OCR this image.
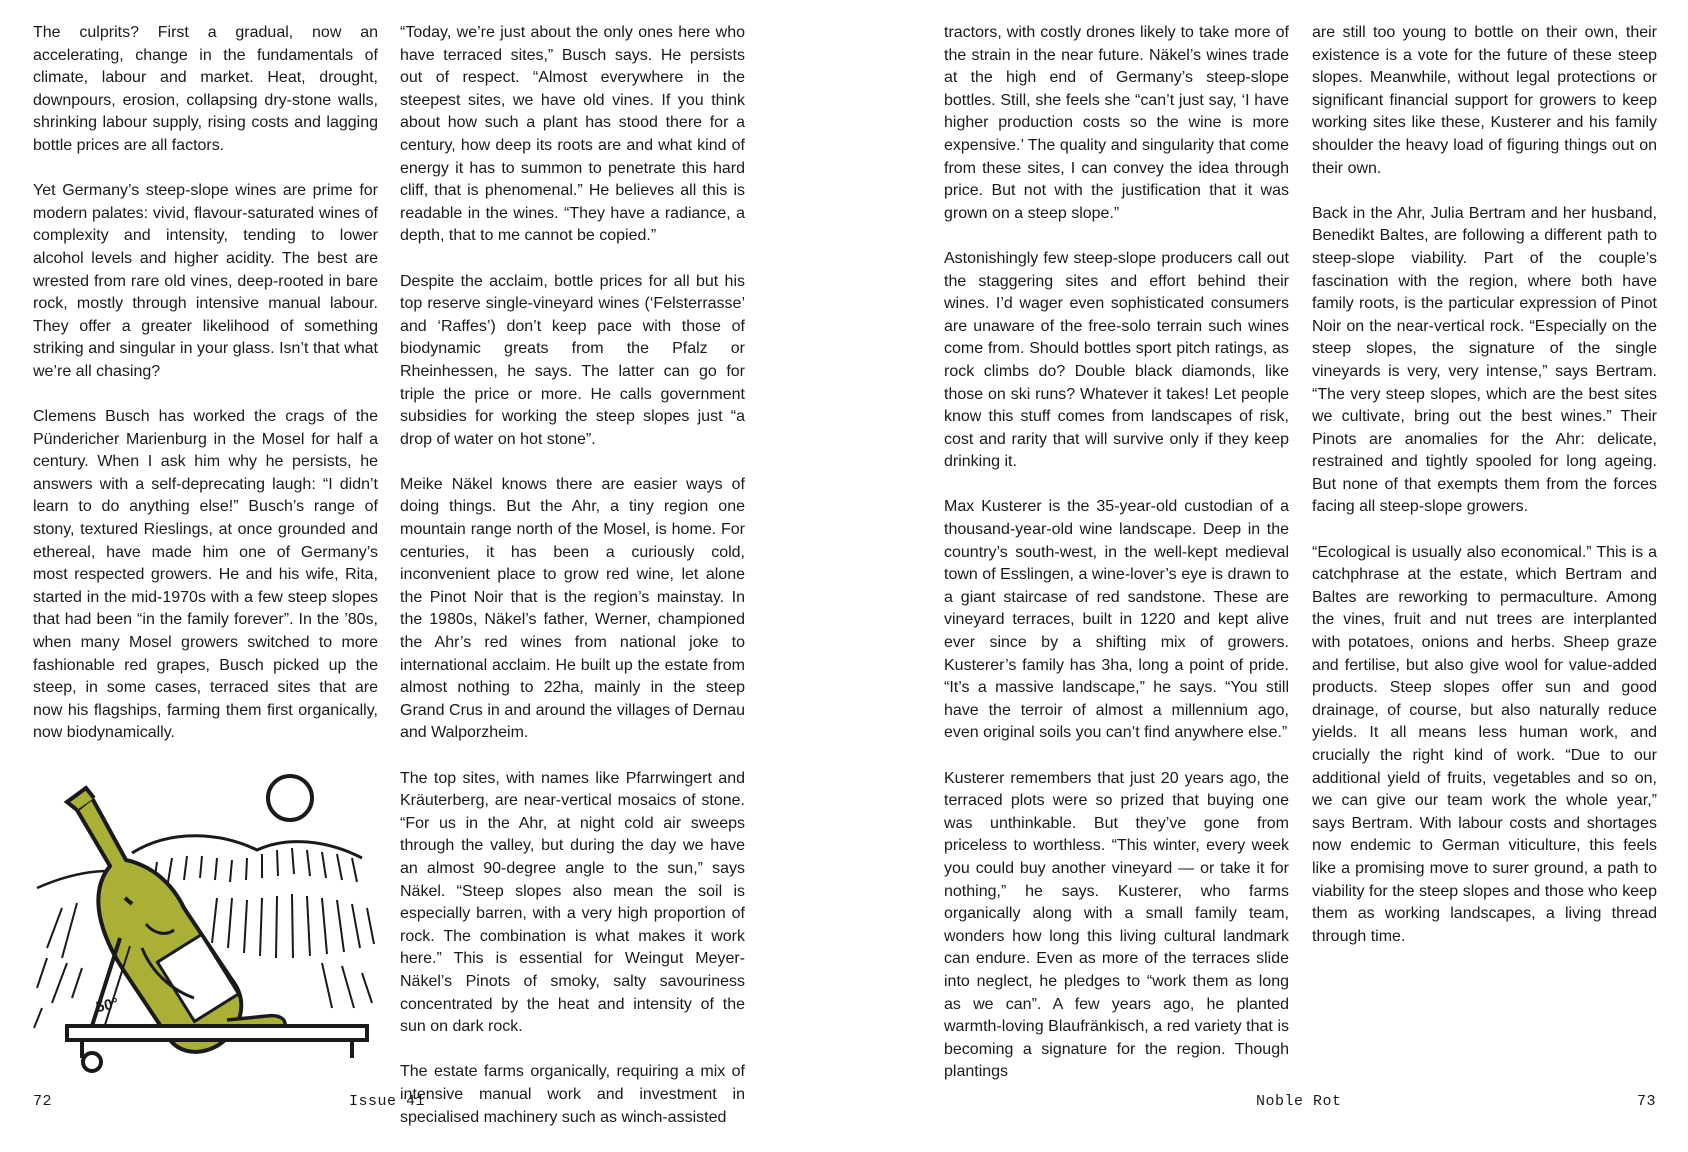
The culprits? First a gradual, now an accelerating, change in the fundamentals of climate, labour and market. Heat, drought, downpours, erosion, collapsing dry-stone walls, shrinking labour supply, rising costs and lagging bottle prices are all factors.

Yet Germany’s steep-slope wines are prime for modern palates: vivid, flavour-saturated wines of complexity and intensity, tending to lower alcohol levels and higher acidity. The best are wrested from rare old vines, deep-rooted in bare rock, mostly through intensive manual labour. They offer a greater likelihood of something striking and singular in your glass. Isn’t that what we’re all chasing?

Clemens Busch has worked the crags of the Pündericher Marienburg in the Mosel for half a century. When I ask him why he persists, he answers with a self-deprecating laugh: “I didn’t learn to do anything else!” Busch’s range of stony, textured Rieslings, at once grounded and ethereal, have made him one of Germany’s most respected growers. He and his wife, Rita, started in the mid-1970s with a few steep slopes that had been “in the family forever”. In the ’80s, when many Mosel growers switched to more fashionable red grapes, Busch picked up the steep, in some cases, terraced sites that are now his flagships, farming them first organically, now biodynamically.

“Today, we’re just about the only ones here who have terraced sites,” Busch says. He persists out of respect. “Almost everywhere in the steepest sites, we have old vines. If you think about how such a plant has stood there for a century, how deep its roots are and what kind of energy it has to summon to penetrate this hard cliff, that is phenomenal.” He believes all this is readable in the wines. “They have a radiance, a depth, that to me cannot be copied.”

Despite the acclaim, bottle prices for all but his top reserve single-vineyard wines (‘Felsterrasse’ and ‘Raffes’) don’t keep pace with those of biodynamic greats from the Pfalz or Rheinhessen, he says. The latter can go for triple the price or more. He calls government subsidies for working the steep slopes just “a drop of water on hot stone”.

Meike Näkel knows there are easier ways of doing things. But the Ahr, a tiny region one mountain range north of the Mosel, is home. For centuries, it has been a curiously cold, inconvenient place to grow red wine, let alone the Pinot Noir that is the region’s mainstay. In the 1980s, Näkel’s father, Werner, championed the Ahr’s red wines from national joke to international acclaim. He built up the estate from almost nothing to 22ha, mainly in the steep Grand Crus in and around the villages of Dernau and Walporzheim.

The top sites, with names like Pfarrwingert and Kräuterberg, are near-vertical mosaics of stone. “For us in the Ahr, at night cold air sweeps through the valley, but during the day we have an almost 90-degree angle to the sun,” says Näkel. “Steep slopes also mean the soil is especially barren, with a very high proportion of rock. The combination is what makes it work here.” This is essential for Weingut Meyer-Näkel’s Pinots of smoky, salty savouriness concentrated by the heat and intensity of the sun on dark rock.

The estate farms organically, requiring a mix of intensive manual work and investment in specialised machinery such as winch-assisted

50°
72	Issue 41

tractors, with costly drones likely to take more of the strain in the near future. Näkel’s wines trade at the high end of Germany’s steep-slope bottles. Still, she feels she “can’t just say, ‘I have higher production costs so the wine is more expensive.’ The quality and singularity that come from these sites, I can convey the idea through price. But not with the justification that it was grown on a steep slope.”

Astonishingly few steep-slope producers call out the staggering sites and effort behind their wines. I’d wager even sophisticated consumers are unaware of the free-solo terrain such wines come from. Should bottles sport pitch ratings, as rock climbs do? Double black diamonds, like those on ski runs? Whatever it takes! Let people know this stuff comes from landscapes of risk, cost and rarity that will survive only if they keep drinking it.

Max Kusterer is the 35-year-old custodian of a thousand-year-old wine landscape. Deep in the country’s south-west, in the well-kept medieval town of Esslingen, a wine-lover’s eye is drawn to a giant staircase of red sandstone. These are vineyard terraces, built in 1220 and kept alive ever since by a shifting mix of growers. Kusterer’s family has 3ha, long a point of pride. “It’s a massive landscape,” he says. “You still have the terroir of almost a millennium ago, even original soils you can’t find anywhere else.”

Kusterer remembers that just 20 years ago, the terraced plots were so prized that buying one was unthinkable. But they’ve gone from priceless to worthless. “This winter, every week you could buy another vineyard — or take it for nothing,” he says. Kusterer, who farms organically along with a small family team, wonders how long this living cultural landmark can endure. Even as more of the terraces slide into neglect, he pledges to “work them as long as we can”. A few years ago, he planted warmth-loving Blaufränkisch, a red variety that is becoming a signature for the region. Though plantings

are still too young to bottle on their own, their existence is a vote for the future of these steep slopes. Meanwhile, without legal protections or significant financial support for growers to keep working sites like these, Kusterer and his family shoulder the heavy load of figuring things out on their own.

Back in the Ahr, Julia Bertram and her husband, Benedikt Baltes, are following a different path to steep-slope viability. Part of the couple’s fascination with the region, where both have family roots, is the particular expression of Pinot Noir on the near-vertical rock. “Especially on the steep slopes, the signature of the single vineyards is very, very intense,” says Bertram. “The very steep slopes, which are the best sites we cultivate, bring out the best wines.” Their Pinots are anomalies for the Ahr: delicate, restrained and tightly spooled for long ageing. But none of that exempts them from the forces facing all steep-slope growers.

“Ecological is usually also economical.” This is a catchphrase at the estate, which Bertram and Baltes are reworking to permaculture. Among the vines, fruit and nut trees are interplanted with potatoes, onions and herbs. Sheep graze and fertilise, but also give wool for value-added products. Steep slopes offer sun and good drainage, of course, but also naturally reduce yields. It all means less human work, and crucially the right kind of work. “Due to our additional yield of fruits, vegetables and so on, we can give our team work the whole year,” says Bertram. With labour costs and shortages now endemic to German viticulture, this feels like a promising move to surer ground, a path to viability for the steep slopes and those who keep them as working landscapes, a living thread through time.

Noble Rot	73
